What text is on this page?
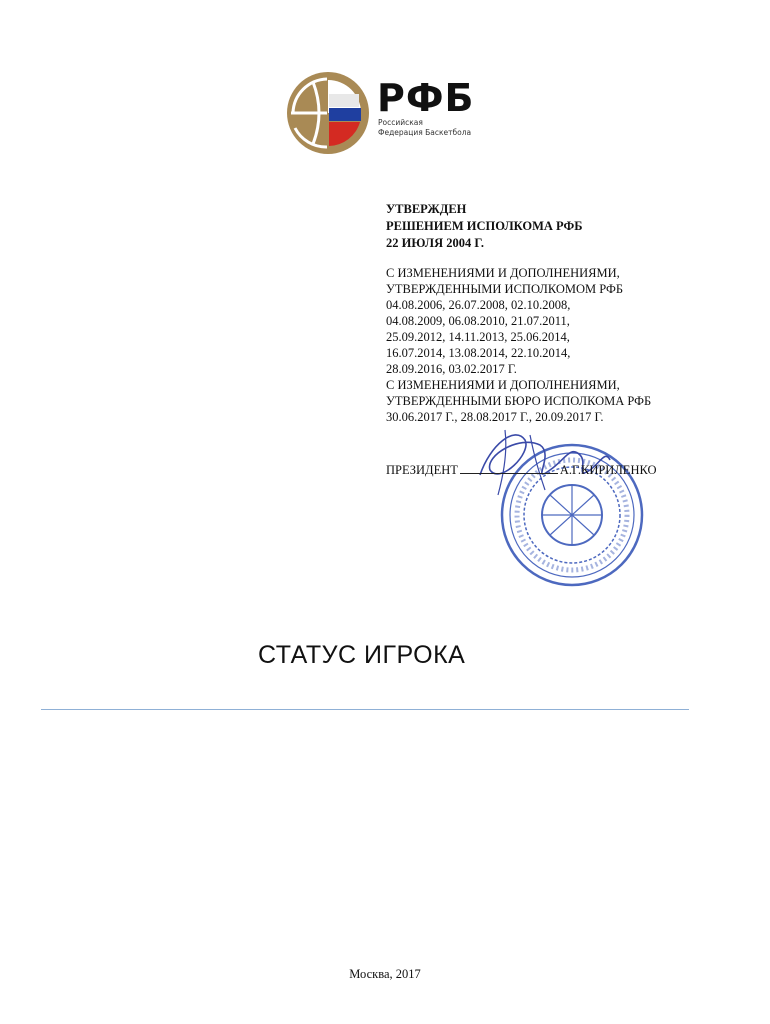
РФБ
Российская
Федерация Баскетбола
УТВЕРЖДЕН
РЕШЕНИЕМ ИСПОЛКОМА РФБ
22 ИЮЛЯ 2004 Г.
С ИЗМЕНЕНИЯМИ И ДОПОЛНЕНИЯМИ,
УТВЕРЖДЕННЫМИ ИСПОЛКОМОМ РФБ
04.08.2006, 26.07.2008, 02.10.2008,
04.08.2009, 06.08.2010, 21.07.2011,
25.09.2012, 14.11.2013, 25.06.2014,
16.07.2014, 13.08.2014, 22.10.2014,
28.09.2016, 03.02.2017 Г.
С ИЗМЕНЕНИЯМИ И ДОПОЛНЕНИЯМИ,
УТВЕРЖДЕННЫМИ БЮРО ИСПОЛКОМА РФБ
30.06.2017 Г., 28.08.2017 Г., 20.09.2017 Г.
ПРЕЗИДЕНТ	А.Г.КИРИЛЕНКО
СТАТУС ИГРОКА
Москва, 2017
